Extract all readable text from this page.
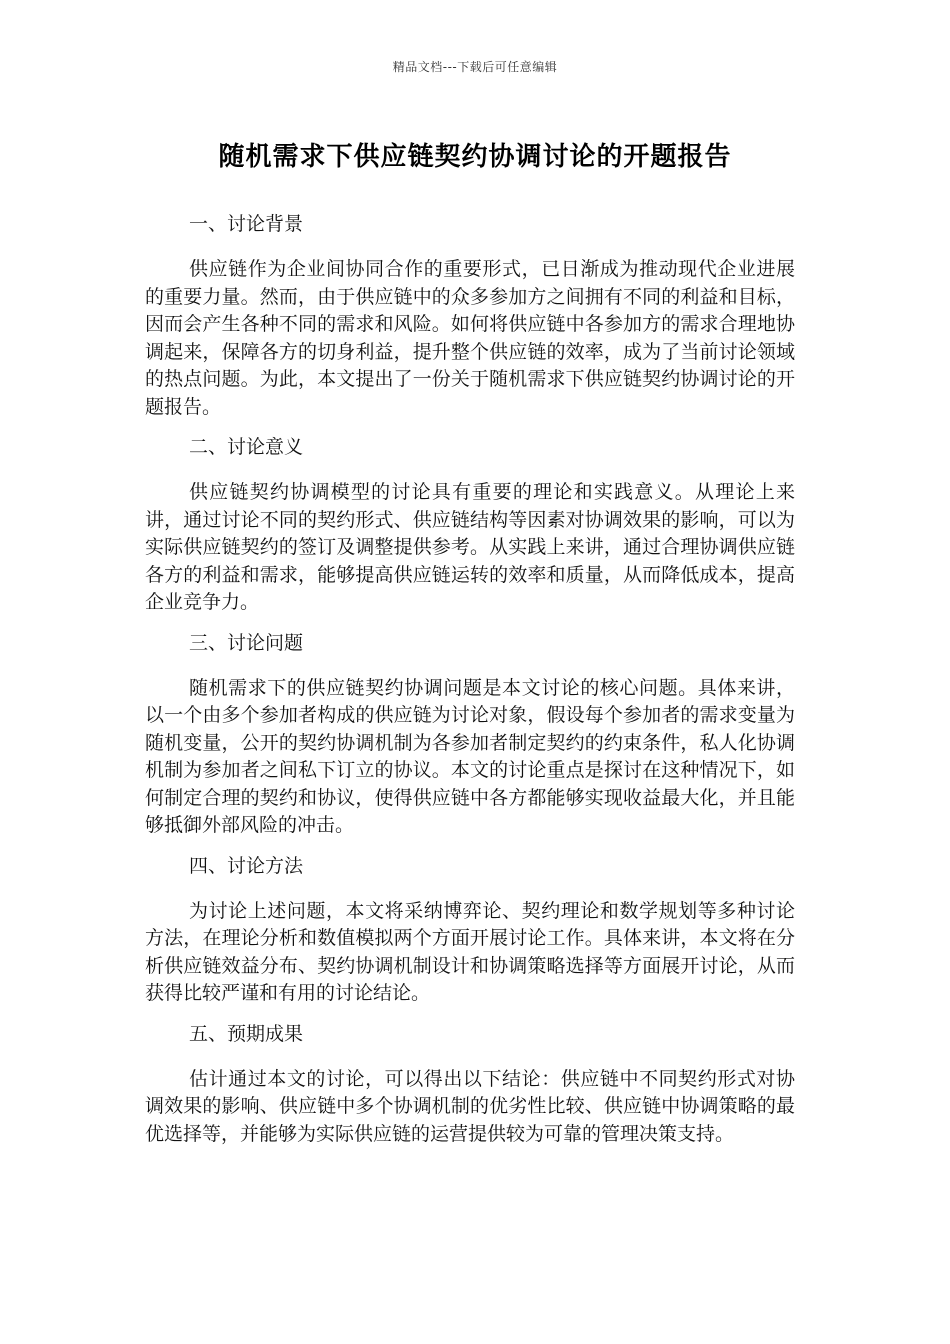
精品文档---下载后可任意编辑
随机需求下供应链契约协调讨论的开题报告
一、讨论背景

供应链作为企业间协同合作的重要形式，已日渐成为推动现代企业进展的重要力量。然而，由于供应链中的众多参加方之间拥有不同的利益和目标，因而会产生各种不同的需求和风险。如何将供应链中各参加方的需求合理地协调起来，保障各方的切身利益，提升整个供应链的效率，成为了当前讨论领域的热点问题。为此，本文提出了一份关于随机需求下供应链契约协调讨论的开题报告。

二、讨论意义

供应链契约协调模型的讨论具有重要的理论和实践意义。从理论上来讲，通过讨论不同的契约形式、供应链结构等因素对协调效果的影响，可以为实际供应链契约的签订及调整提供参考。从实践上来讲，通过合理协调供应链各方的利益和需求，能够提高供应链运转的效率和质量，从而降低成本，提高企业竞争力。

三、讨论问题

随机需求下的供应链契约协调问题是本文讨论的核心问题。具体来讲，以一个由多个参加者构成的供应链为讨论对象，假设每个参加者的需求变量为随机变量，公开的契约协调机制为各参加者制定契约的约束条件，私人化协调机制为参加者之间私下订立的协议。本文的讨论重点是探讨在这种情况下，如何制定合理的契约和协议，使得供应链中各方都能够实现收益最大化，并且能够抵御外部风险的冲击。

四、讨论方法

为讨论上述问题，本文将采纳博弈论、契约理论和数学规划等多种讨论方法，在理论分析和数值模拟两个方面开展讨论工作。具体来讲，本文将在分析供应链效益分布、契约协调机制设计和协调策略选择等方面展开讨论，从而获得比较严谨和有用的讨论结论。

五、预期成果

估计通过本文的讨论，可以得出以下结论：供应链中不同契约形式对协调效果的影响、供应链中多个协调机制的优劣性比较、供应链中协调策略的最优选择等，并能够为实际供应链的运营提供较为可靠的管理决策支持。
